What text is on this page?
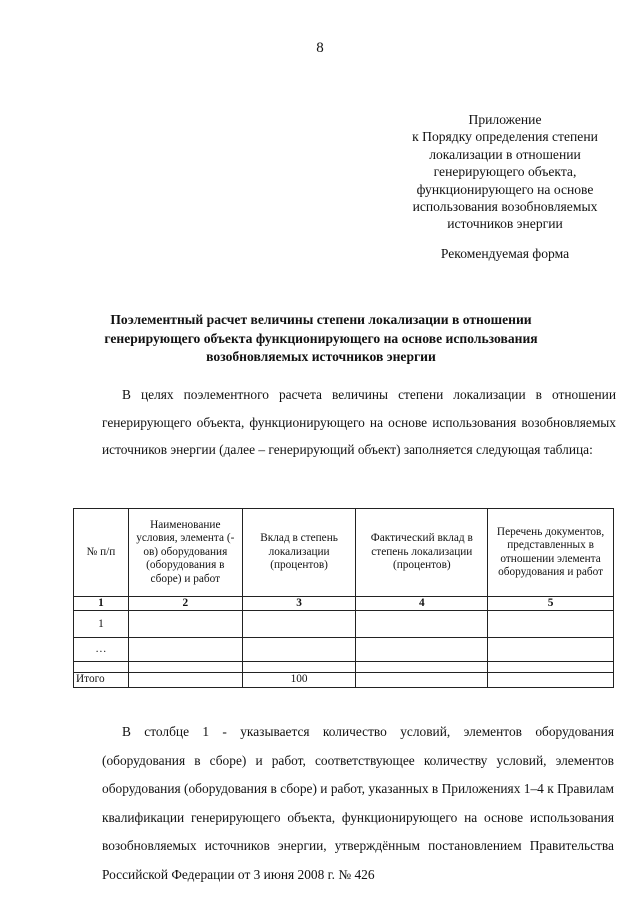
8
Приложение
к Порядку определения степени
локализации в отношении
генерирующего объекта,
функционирующего на основе
использования возобновляемых
источников энергии
Рекомендуемая форма
Поэлементный расчет величины степени локализации в отношении
генерирующего объекта функционирующего на основе использования
возобновляемых источников энергии

В целях поэлементного расчета величины степени локализации в отношении генерирующего объекта, функционирующего на основе использования возобновляемых источников энергии (далее – генерирующий объект) заполняется следующая таблица:

№ п/п	Наименование условия, элемента (-ов) оборудования (оборудования в сборе) и работ	Вклад в степень локализации (процентов)	Фактический вклад в степень локализации (процентов)	Перечень документов, представленных в отношении элемента оборудования и работ
1	2	3	4	5
1				
…				

Итого		100		

В столбце 1 - указывается количество условий, элементов оборудования (оборудования в сборе) и работ, соответствующее количеству условий, элементов оборудования (оборудования в сборе) и работ, указанных в Приложениях 1–4 к Правилам квалификации генерирующего объекта, функционирующего на основе использования возобновляемых источников энергии, утверждённым постановлением Правительства Российской Федерации от 3 июня 2008 г. № 426
